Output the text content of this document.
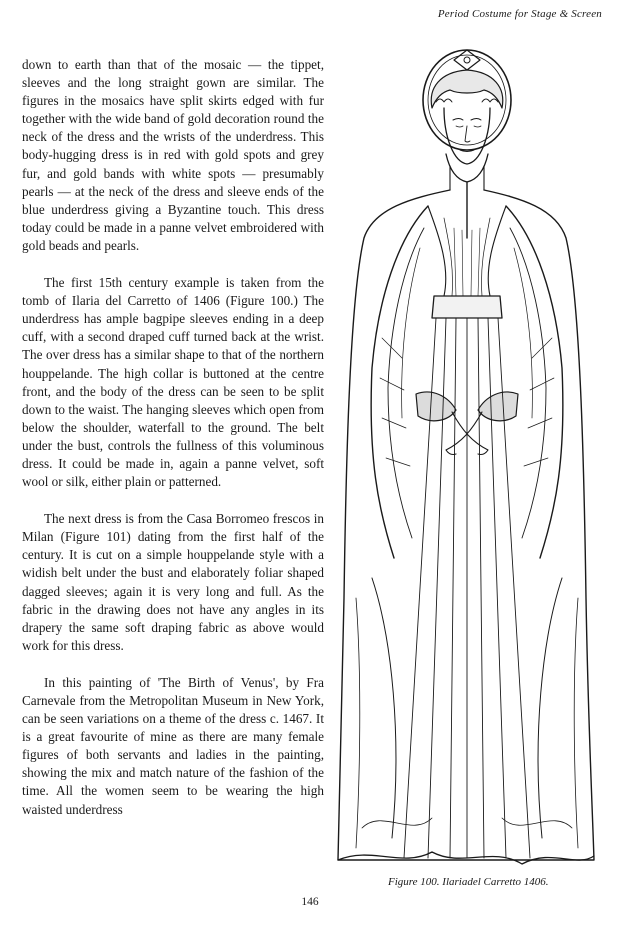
Period Costume for Stage & Screen

down to earth than that of the mosaic — the tippet, sleeves and the long straight gown are similar. The figures in the mosaics have split skirts edged with fur together with the wide band of gold decoration round the neck of the dress and the wrists of the underdress. This body-hugging dress is in red with gold spots and grey fur, and gold bands with white spots — presumably pearls — at the neck of the dress and sleeve ends of the blue underdress giving a Byzantine touch. This dress today could be made in a panne velvet embroidered with gold beads and pearls.

The first 15th century example is taken from the tomb of Ilaria del Carretto of 1406 (Figure 100.) The underdress has ample bagpipe sleeves ending in a deep cuff, with a second draped cuff turned back at the wrist. The over dress has a similar shape to that of the northern houppelande. The high collar is buttoned at the centre front, and the body of the dress can be seen to be split down to the waist. The hanging sleeves which open from below the shoulder, waterfall to the ground. The belt under the bust, controls the fullness of this voluminous dress. It could be made in, again a panne velvet, soft wool or silk, either plain or patterned.

The next dress is from the Casa Borromeo frescos in Milan (Figure 101) dating from the first half of the century. It is cut on a simple houppelande style with a widish belt under the bust and elaborately foliar shaped dagged sleeves; again it is very long and full. As the fabric in the drawing does not have any angles in its drapery the same soft draping fabric as above would work for this dress.

In this painting of 'The Birth of Venus', by Fra Carnevale from the Metropolitan Museum in New York, can be seen variations on a theme of the dress c. 1467. It is a great favourite of mine as there are many female figures of both servants and ladies in the painting, showing the mix and match nature of the fashion of the time. All the women seem to be wearing the high waisted underdress

Figure 100. Ilariadel Carretto 1406.
146
